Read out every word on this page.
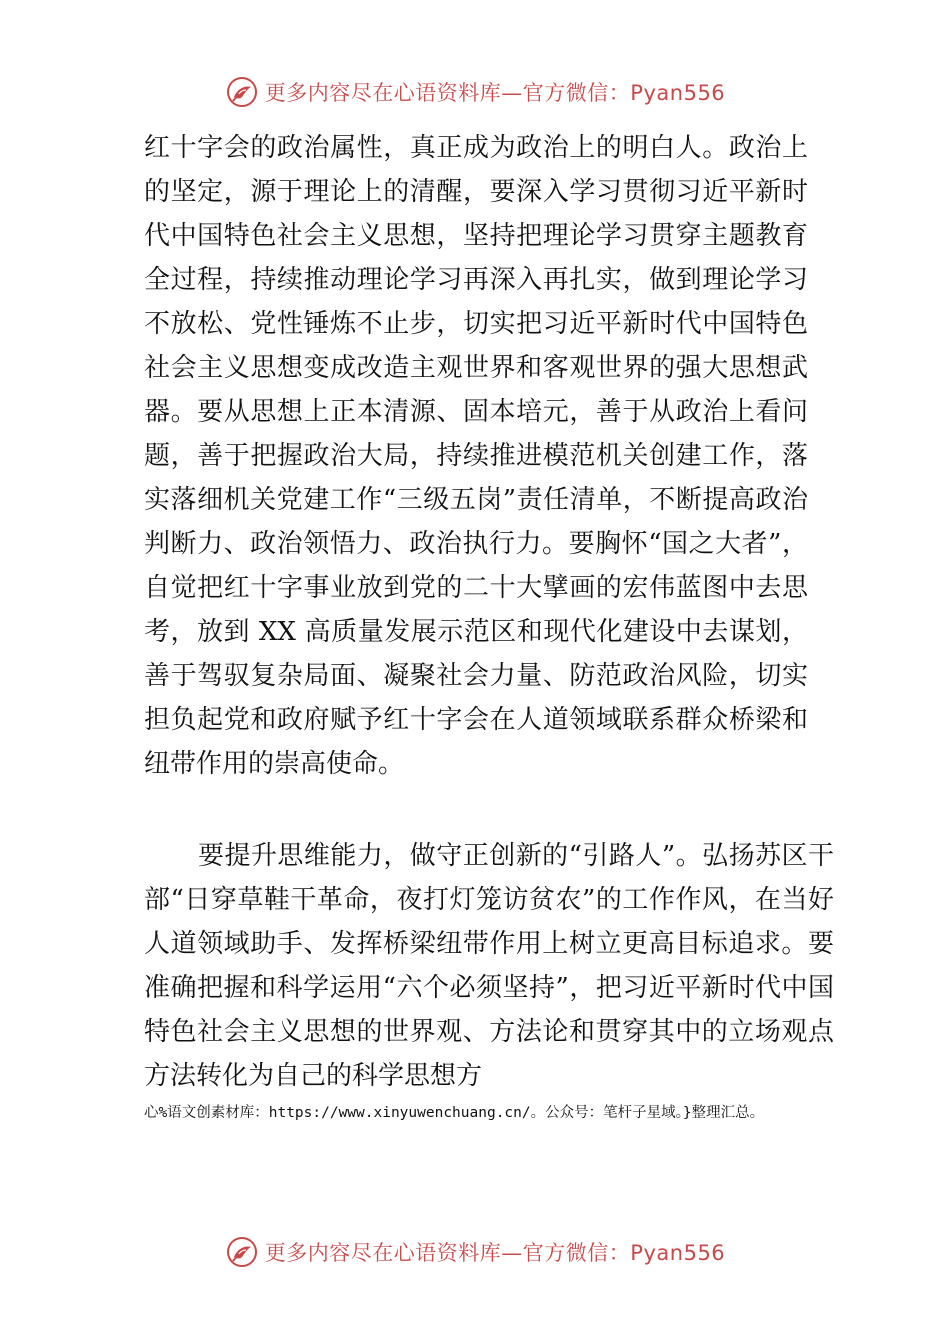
更多内容尽在心语资料库—官方微信：Pyan556

红十字会的政治属性，真正成为政治上的明白人。政治上的坚定，源于理论上的清醒，要深入学习贯彻习近平新时代中国特色社会主义思想，坚持把理论学习贯穿主题教育全过程，持续推动理论学习再深入再扎实，做到理论学习不放松、党性锤炼不止步，切实把习近平新时代中国特色社会主义思想变成改造主观世界和客观世界的强大思想武器。要从思想上正本清源、固本培元，善于从政治上看问题，善于把握政治大局，持续推进模范机关创建工作，落实落细机关党建工作“三级五岗”责任清单，不断提高政治判断力、政治领悟力、政治执行力。要胸怀“国之大者”，自觉把红十字事业放到党的二十大擘画的宏伟蓝图中去思考，放到 XX 高质量发展示范区和现代化建设中去谋划，善于驾驭复杂局面、凝聚社会力量、防范政治风险，切实担负起党和政府赋予红十字会在人道领域联系群众桥梁和纽带作用的崇高使命。

要提升思维能力，做守正创新的“引路人”。弘扬苏区干部“日穿草鞋干革命，夜打灯笼访贫农”的工作作风，在当好人道领域助手、发挥桥梁纽带作用上树立更高目标追求。要准确把握和科学运用“六个必须坚持”，把习近平新时代中国特色社会主义思想的世界观、方法论和贯穿其中的立场观点方法转化为自己的科学思想方

心%语文创素材库：https://www.xinyuwenchuang.cn/。公众号：笔杆子星域。}整理汇总。
更多内容尽在心语资料库—官方微信：Pyan556
